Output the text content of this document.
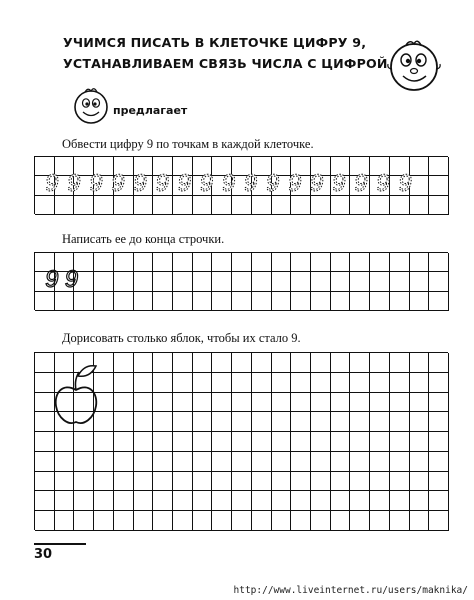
УЧИМСЯ ПИСАТЬ В КЛЕТОЧКЕ ЦИФРУ 9,
УСТАНАВЛИВАЕМ СВЯЗЬ ЧИСЛА С ЦИФРОЙ
предлагает
Обвести цифру 9 по точкам в каждой клеточке.
9 9 9 9 9 9 9 9 9 9 9 9 9 9 9 9 9
Написать ее до конца строчки.
9 9
Дорисовать столько яблок, чтобы их стало 9.
30
http://www.liveinternet.ru/users/maknika/
